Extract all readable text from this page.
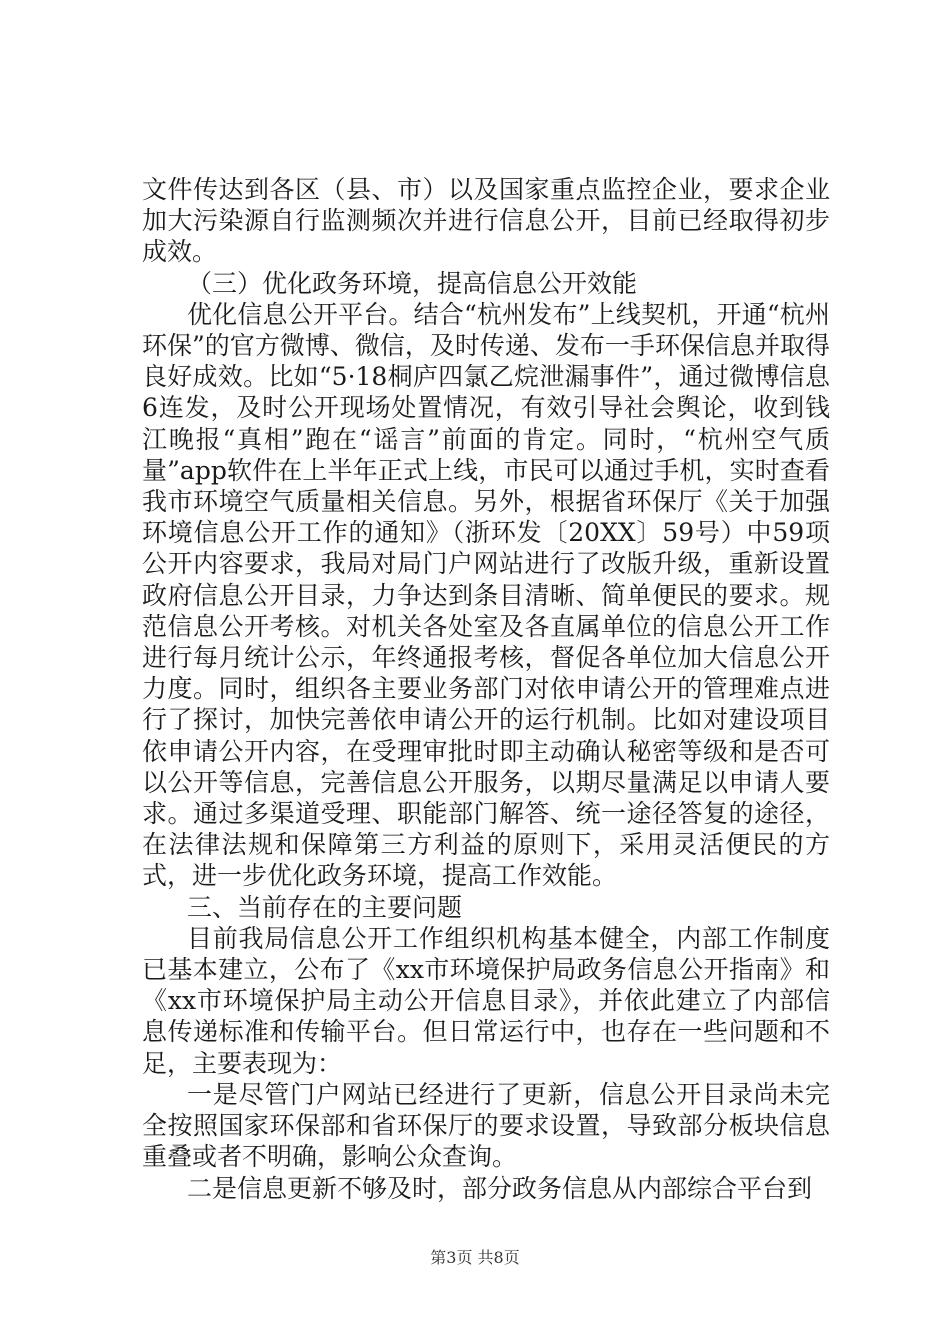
文件传达到各区（县、市）以及国家重点监控企业，要求企业加大污染源自行监测频次并进行信息公开，目前已经取得初步成效。

（三）优化政务环境，提高信息公开效能

优化信息公开平台。结合“杭州发布”上线契机，开通“杭州环保”的官方微博、微信，及时传递、发布一手环保信息并取得良好成效。比如“5·18桐庐四氯乙烷泄漏事件”，通过微博信息6连发，及时公开现场处置情况，有效引导社会舆论，收到钱江晚报“真相”跑在“谣言”前面的肯定。同时，“杭州空气质量”app软件在上半年正式上线，市民可以通过手机，实时查看我市环境空气质量相关信息。另外，根据省环保厅《关于加强环境信息公开工作的通知》（浙环发〔20XX〕59号）中59项公开内容要求，我局对局门户网站进行了改版升级，重新设置政府信息公开目录，力争达到条目清晰、简单便民的要求。规范信息公开考核。对机关各处室及各直属单位的信息公开工作进行每月统计公示，年终通报考核，督促各单位加大信息公开力度。同时，组织各主要业务部门对依申请公开的管理难点进行了探讨，加快完善依申请公开的运行机制。比如对建设项目依申请公开内容，在受理审批时即主动确认秘密等级和是否可以公开等信息，完善信息公开服务，以期尽量满足以申请人要求。通过多渠道受理、职能部门解答、统一途径答复的途径，在法律法规和保障第三方利益的原则下，采用灵活便民的方式，进一步优化政务环境，提高工作效能。

三、当前存在的主要问题

目前我局信息公开工作组织机构基本健全，内部工作制度已基本建立，公布了《xx市环境保护局政务信息公开指南》和《xx市环境保护局主动公开信息目录》，并依此建立了内部信息传递标准和传输平台。但日常运行中，也存在一些问题和不足，主要表现为：

一是尽管门户网站已经进行了更新，信息公开目录尚未完全按照国家环保部和省环保厅的要求设置，导致部分板块信息重叠或者不明确，影响公众查询。

二是信息更新不够及时，部分政务信息从内部综合平台到

第3页 共8页
